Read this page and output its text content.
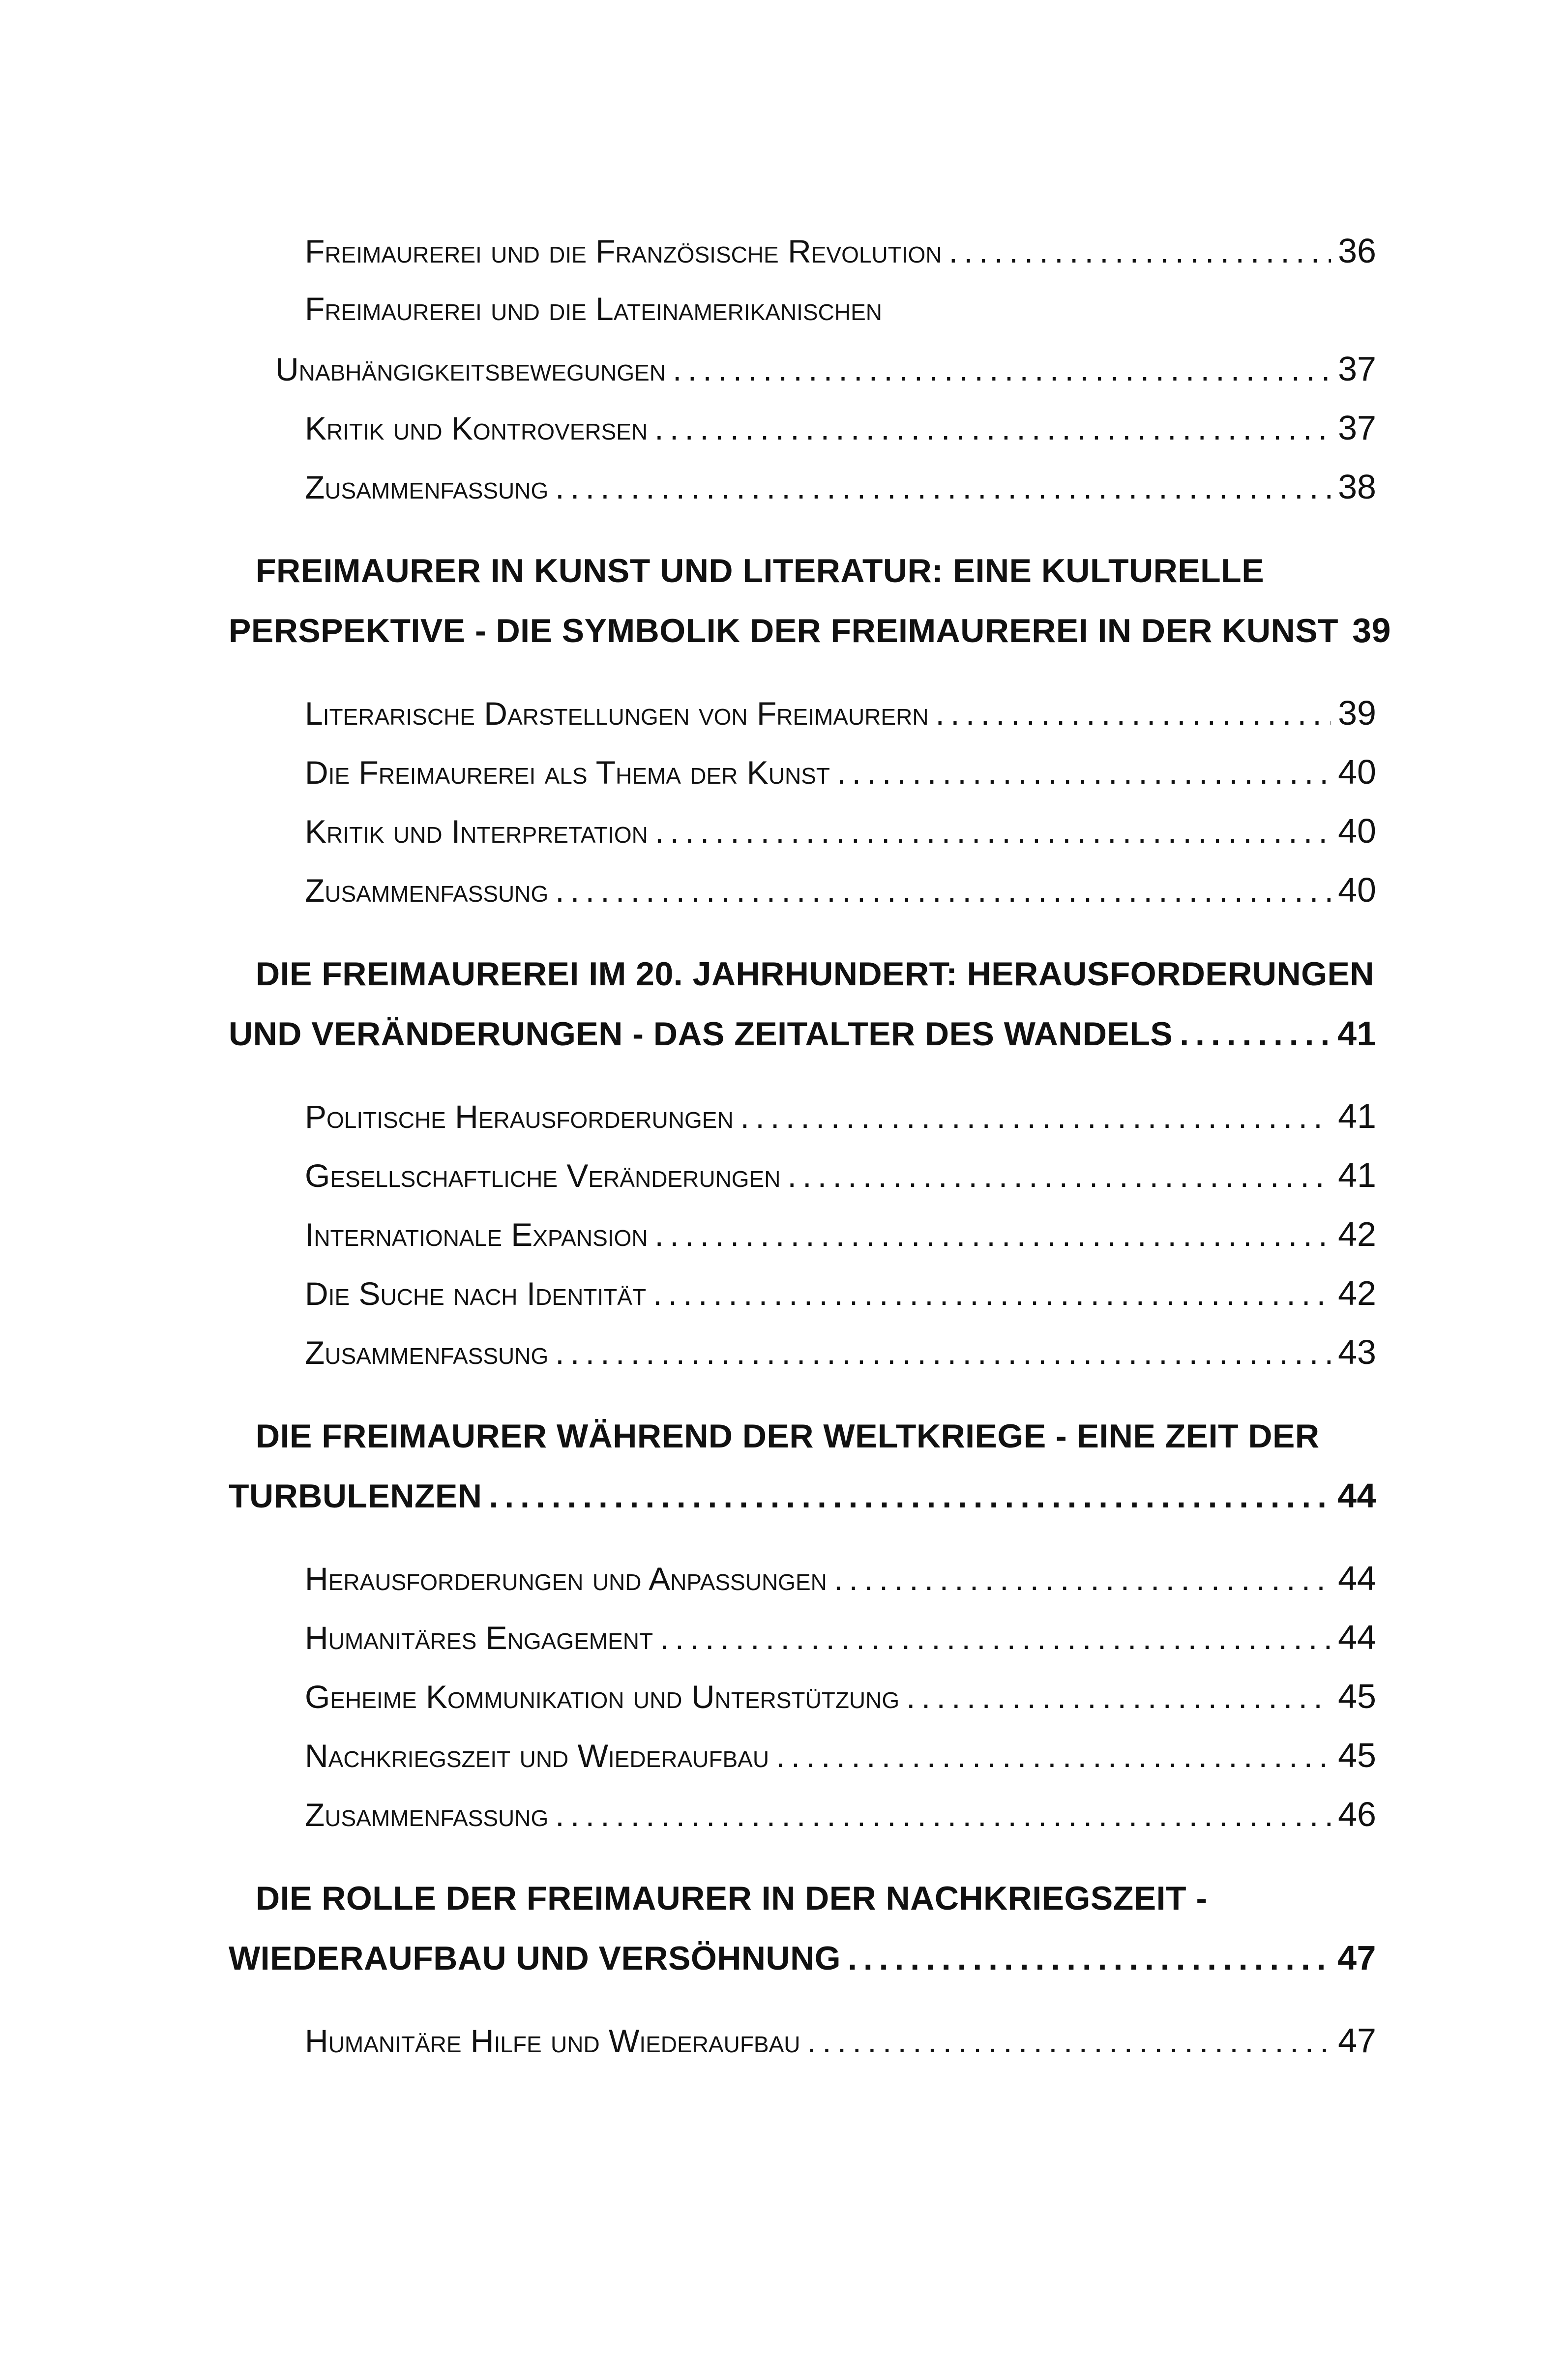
Freimaurerei und die Französische Revolution . . .	36
Freimaurerei und die Lateinamerikanischen
Unabhängigkeitsbewegungen . . .	37
Kritik und Kontroversen . . .	37
Zusammenfassung . . .	38
FREIMAURER IN KUNST UND LITERATUR: EINE KULTURELLE
PERSPEKTIVE - DIE SYMBOLIK DER FREIMAUREREI IN DER KUNST 39
Literarische Darstellungen von Freimaurern . . .	39
Die Freimaurerei als Thema der Kunst . . .	40
Kritik und Interpretation . . .	40
Zusammenfassung . . .	40
DIE FREIMAUREREI IM 20. JAHRHUNDERT: HERAUSFORDERUNGEN
UND VERÄNDERUNGEN - DAS ZEITALTER DES WANDELS . . .	41
Politische Herausforderungen . . .	41
Gesellschaftliche Veränderungen . . .	41
Internationale Expansion . . .	42
Die Suche nach Identität . . .	42
Zusammenfassung . . .	43
DIE FREIMAURER WÄHREND DER WELTKRIEGE - EINE ZEIT DER
TURBULENZEN . . .	44
Herausforderungen und Anpassungen . . .	44
Humanitäres Engagement . . .	44
Geheime Kommunikation und Unterstützung . . .	45
Nachkriegszeit und Wiederaufbau . . .	45
Zusammenfassung . . .	46
DIE ROLLE DER FREIMAURER IN DER NACHKRIEGSZEIT -
WIEDERAUFBAU UND VERSÖHNUNG . . .	47
Humanitäre Hilfe und Wiederaufbau . . .	47
